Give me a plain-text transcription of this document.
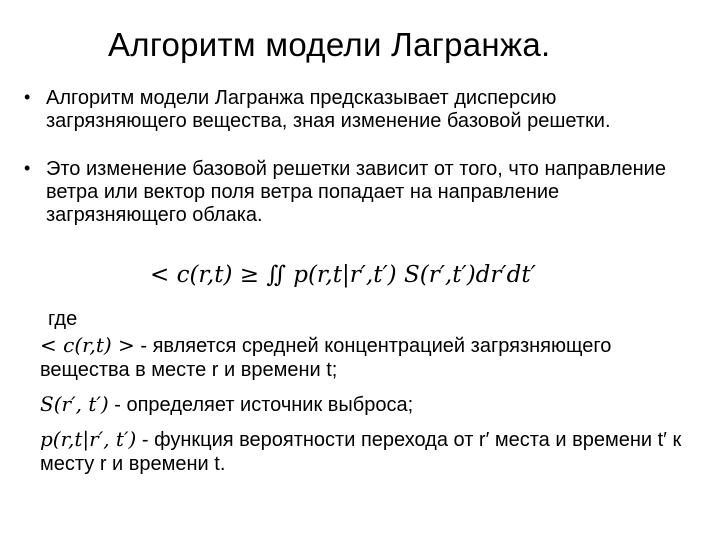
Алгоритм модели Лагранжа.
• Алгоритм модели Лагранжа предсказывает дисперсию загрязняющего вещества, зная изменение базовой решетки.
• Это изменение базовой решетки зависит от того, что направление ветра или вектор поля ветра попадает на направление загрязняющего облака.
< c(r,t) ≥ ∬ p(r,t|r′,t′) S(r′,t′)dr′dt′
где
< c(r,t) > - является средней концентрацией загрязняющего вещества в месте r и времени t;
S(r′, t′) - определяет источник выброса;
p(r,t|r′, t′) - функция вероятности перехода от r′ места и времени t′ к месту r и времени t.
